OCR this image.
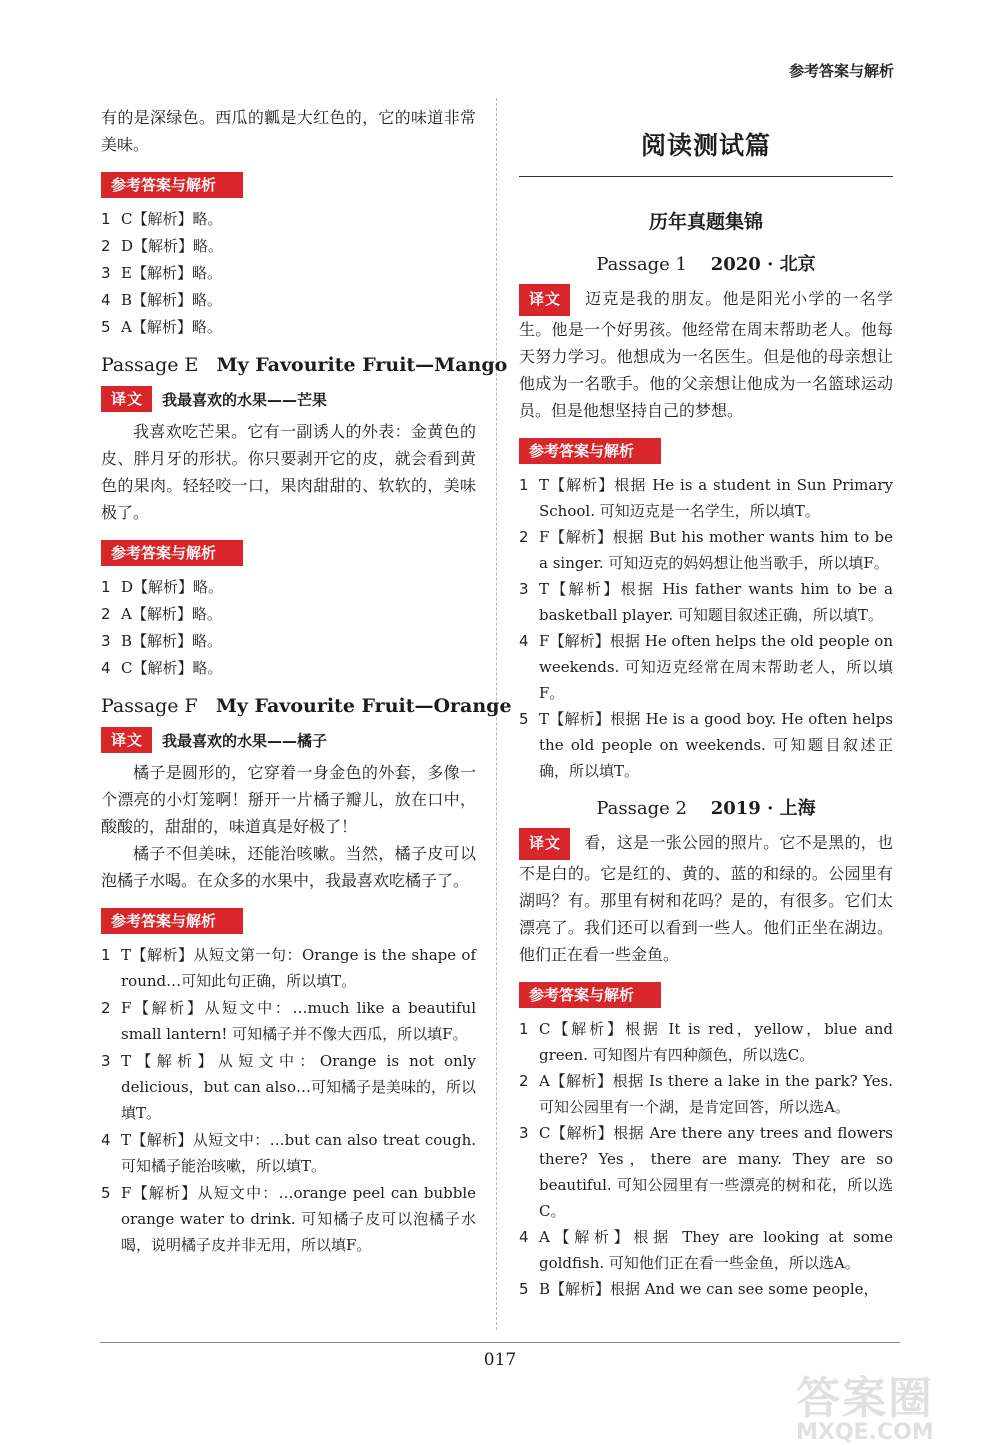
参考答案与解析

有的是深绿色。西瓜的瓤是大红色的，它的味道非常美味。

参考答案与解析
1 C【解析】略。
2 D【解析】略。
3 E【解析】略。
4 B【解析】略。
5 A【解析】略。
Passage E My Favourite Fruit—Mango
译文	我最喜欢的水果——芒果

我喜欢吃芒果。它有一副诱人的外表：金黄色的皮、胖月牙的形状。你只要剥开它的皮，就会看到黄色的果肉。轻轻咬一口，果肉甜甜的、软软的，美味极了。

参考答案与解析
1 D【解析】略。
2 A【解析】略。
3 B【解析】略。
4 C【解析】略。
Passage F My Favourite Fruit—Orange
译文	我最喜欢的水果——橘子

橘子是圆形的，它穿着一身金色的外套，多像一个漂亮的小灯笼啊！掰开一片橘子瓣儿，放在口中，酸酸的，甜甜的，味道真是好极了！

橘子不但美味，还能治咳嗽。当然，橘子皮可以泡橘子水喝。在众多的水果中，我最喜欢吃橘子了。

参考答案与解析
1 T【解析】从短文第一句：Orange is the shape of round…可知此句正确，所以填T。
2 F【解析】从短文中：…much like a beautiful small lantern! 可知橘子并不像大西瓜，所以填F。
3 T【解析】从短文中：Orange is not only delicious，but can also…可知橘子是美味的，所以填T。
4 T【解析】从短文中：…but can also treat cough. 可知橘子能治咳嗽，所以填T。
5 F【解析】从短文中：…orange peel can bubble orange water to drink. 可知橘子皮可以泡橘子水喝，说明橘子皮并非无用，所以填F。
阅读测试篇
历年真题集锦
Passage 1 2020 · 北京

译文 迈克是我的朋友。他是阳光小学的一名学生。他是一个好男孩。他经常在周末帮助老人。他每天努力学习。他想成为一名医生。但是他的母亲想让他成为一名歌手。他的父亲想让他成为一名篮球运动员。但是他想坚持自己的梦想。

参考答案与解析
1 T【解析】根据 He is a student in Sun Primary School. 可知迈克是一名学生，所以填T。
2 F【解析】根据 But his mother wants him to be a singer. 可知迈克的妈妈想让他当歌手，所以填F。
3 T【解析】根据 His father wants him to be a basketball player. 可知题目叙述正确，所以填T。
4 F【解析】根据 He often helps the old people on weekends. 可知迈克经常在周末帮助老人，所以填F。
5 T【解析】根据 He is a good boy. He often helps the old people on weekends. 可知题目叙述正确，所以填T。
Passage 2 2019 · 上海

译文 看，这是一张公园的照片。它不是黑的，也不是白的。它是红的、黄的、蓝的和绿的。公园里有湖吗？有。那里有树和花吗？是的，有很多。它们太漂亮了。我们还可以看到一些人。他们正坐在湖边。他们正在看一些金鱼。

参考答案与解析
1 C【解析】根据 It is red，yellow，blue and green. 可知图片有四种颜色，所以选C。
2 A【解析】根据 Is there a lake in the park? Yes. 可知公园里有一个湖，是肯定回答，所以选A。
3 C【解析】根据 Are there any trees and flowers there? Yes，there are many. They are so beautiful. 可知公园里有一些漂亮的树和花，所以选C。
4 A【解析】根据 They are looking at some goldfish. 可知他们正在看一些金鱼，所以选A。
5 B【解析】根据 And we can see some people，
017
答案圈
MXQE.COM
